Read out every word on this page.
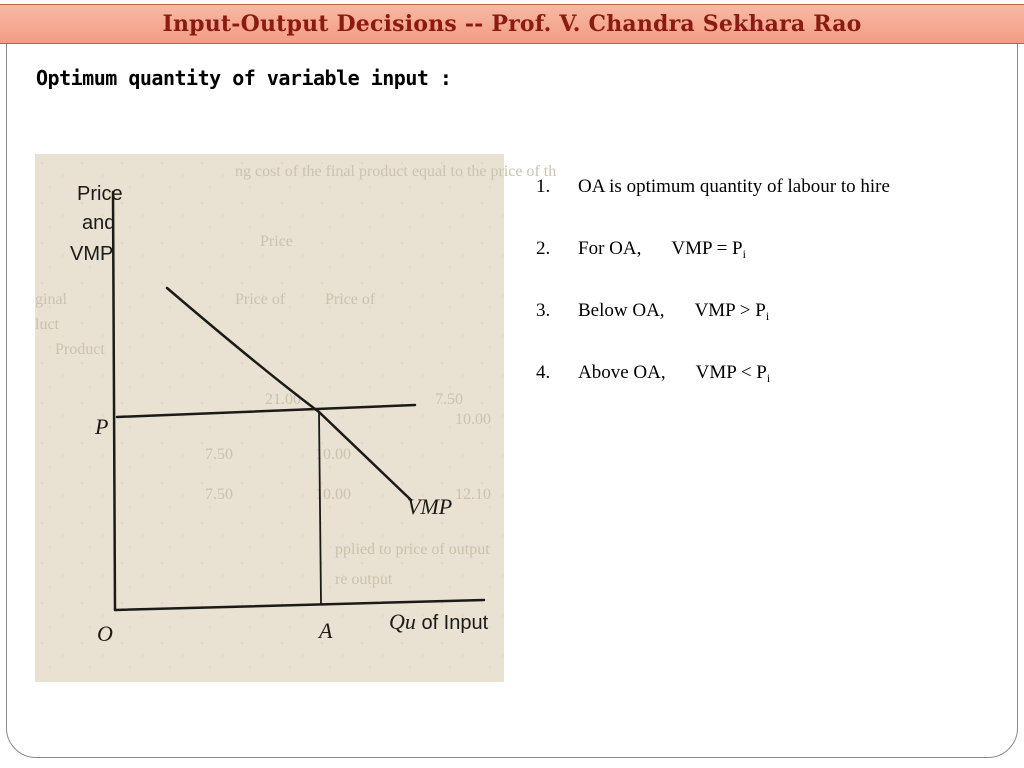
Input-Output Decisions -- Prof. V. Chandra Sekhara Rao
Optimum quantity of variable input :
ng cost of the final product equal to the price of th
Price
Price of Price of
ginal
luct
Product
21.00
7.50	10.00
7.50	10.00
7.50
10.00
12.10
pplied to price of output
re output
Price
and
VMP
P
VMP
O	A	Qu of Input
1.	OA is optimum quantity of labour to hire
2.	For OA, VMP = $P_i$
3.	Below OA, VMP > $P_i$
4.	Above OA, VMP < $P_i$
